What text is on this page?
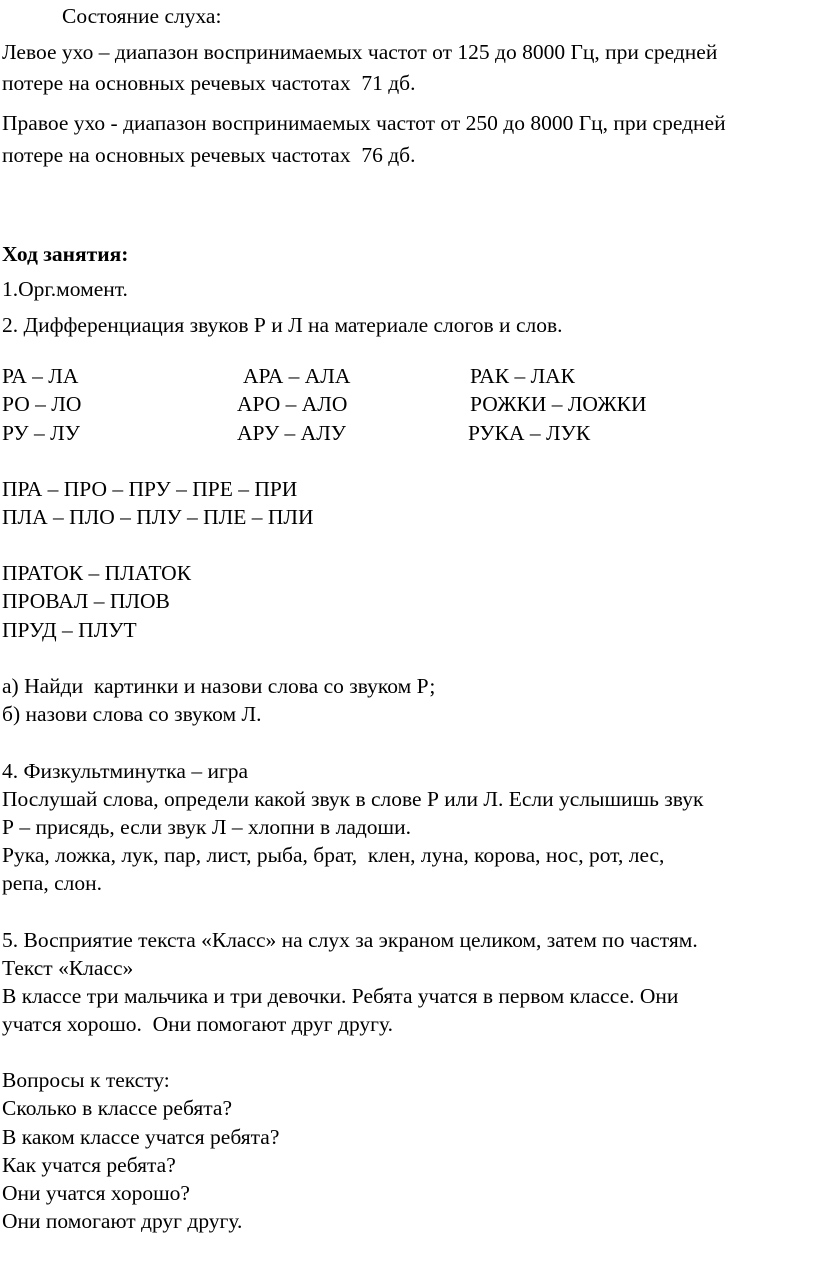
Состояние слуха:
Левое ухо – диапазон воспринимаемых частот от 125 до 8000 Гц, при средней
потере на основных речевых частотах  71 дб.
Правое ухо - диапазон воспринимаемых частот от 250 до 8000 Гц, при средней
потере на основных речевых частотах  76 дб.
Ход занятия:
1.Орг.момент.
2. Дифференциация звуков Р и Л на материале слогов и слов.
РА – ЛА	АРА – АЛА	РАК – ЛАК
РО – ЛО	АРО – АЛО	РОЖКИ – ЛОЖКИ
РУ – ЛУ	АРУ – АЛУ	РУКА – ЛУК
ПРА – ПРО – ПРУ – ПРЕ – ПРИ
ПЛА – ПЛО – ПЛУ – ПЛЕ – ПЛИ
ПРАТОК – ПЛАТОК
ПРОВАЛ – ПЛОВ
ПРУД – ПЛУТ
а) Найди  картинки и назови слова со звуком Р;
б) назови слова со звуком Л.
4. Физкультминутка – игра
Послушай слова, определи какой звук в слове Р или Л. Если услышишь звук
Р – присядь, если звук Л – хлопни в ладоши.
Рука, ложка, лук, пар, лист, рыба, брат,  клен, луна, корова, нос, рот, лес,
репа, слон.
5. Восприятие текста «Класс» на слух за экраном целиком, затем по частям.
Текст «Класс»
В классе три мальчика и три девочки. Ребята учатся в первом классе. Они
учатся хорошо.  Они помогают друг другу.
Вопросы к тексту:
Сколько в классе ребята?
В каком классе учатся ребята?
Как учатся ребята?
Они учатся хорошо?
Они помогают друг другу.
